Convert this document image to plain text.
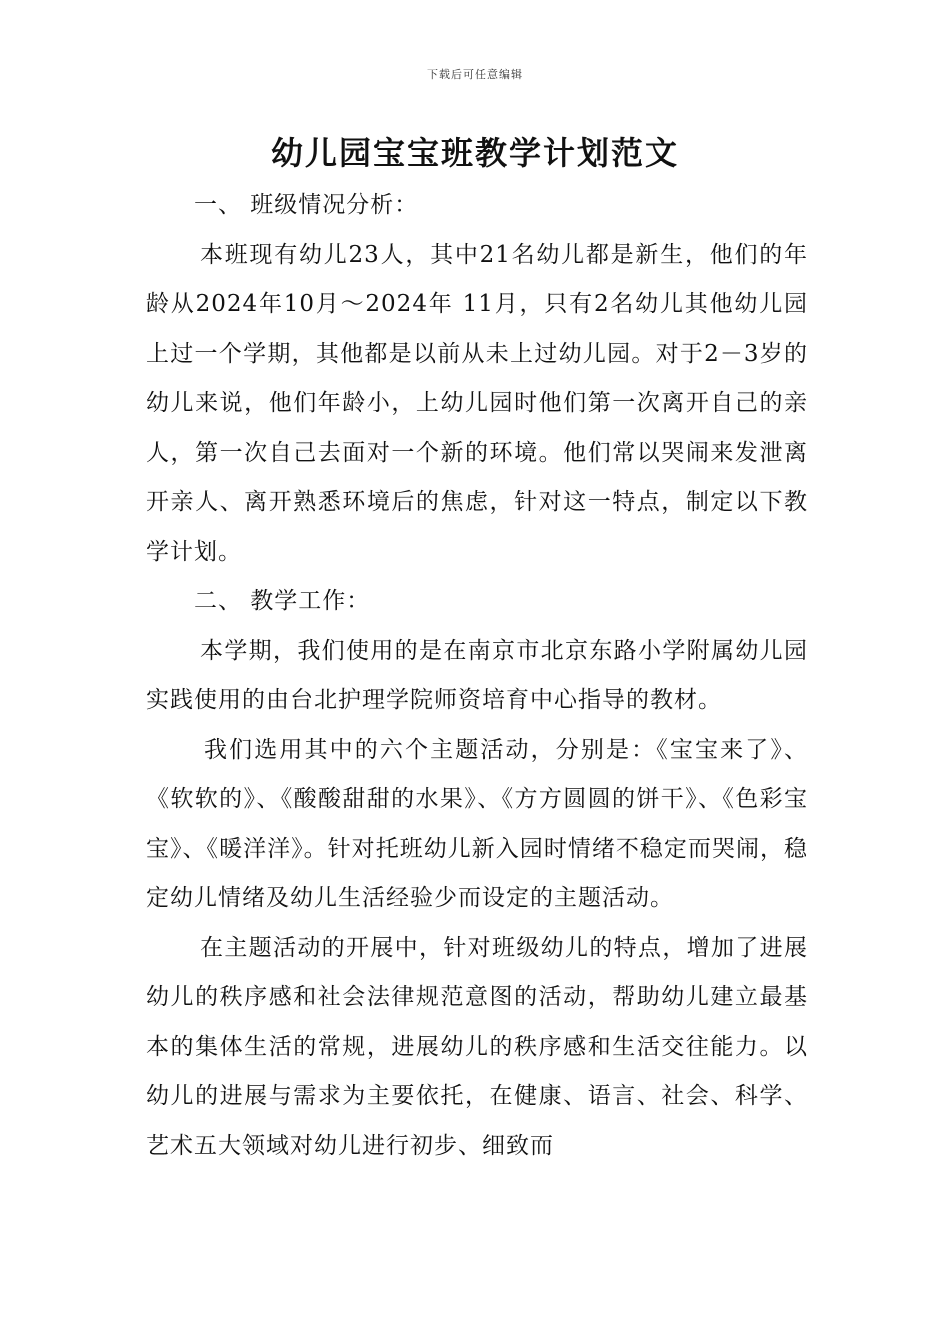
下载后可任意编辑
幼儿园宝宝班教学计划范文

一、 班级情况分析：

本班现有幼儿23人，其中21名幼儿都是新生，他们的年龄从2024年10月～2024年 11月，只有2名幼儿其他幼儿园上过一个学期，其他都是以前从未上过幼儿园。对于2－3岁的幼儿来说，他们年龄小，上幼儿园时他们第一次离开自己的亲人，第一次自己去面对一个新的环境。他们常以哭闹来发泄离开亲人、离开熟悉环境后的焦虑，针对这一特点，制定以下教学计划。

二、 教学工作：

本学期，我们使用的是在南京市北京东路小学附属幼儿园实践使用的由台北护理学院师资培育中心指导的教材。

我们选用其中的六个主题活动，分别是：《宝宝来了》、《软软的》、《酸酸甜甜的水果》、《方方圆圆的饼干》、《色彩宝宝》、《暖洋洋》。针对托班幼儿新入园时情绪不稳定而哭闹，稳定幼儿情绪及幼儿生活经验少而设定的主题活动。

在主题活动的开展中，针对班级幼儿的特点，增加了进展幼儿的秩序感和社会法律规范意图的活动，帮助幼儿建立最基本的集体生活的常规，进展幼儿的秩序感和生活交往能力。以幼儿的进展与需求为主要依托，在健康、语言、社会、科学、艺术五大领域对幼儿进行初步、细致而
